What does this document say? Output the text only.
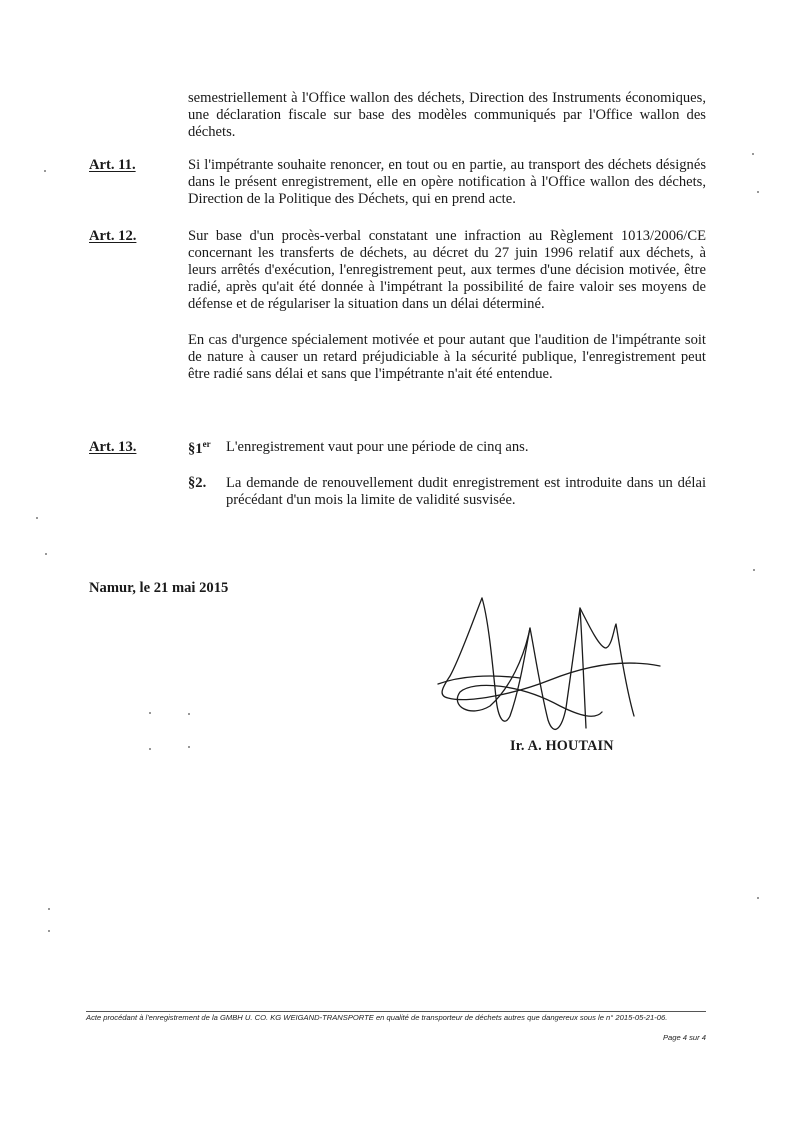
semestriellement à l'Office wallon des déchets, Direction des Instruments économiques, une déclaration fiscale sur base des modèles communiqués par l'Office wallon des déchets.

Art. 11.	Si l'impétrante souhaite renoncer, en tout ou en partie, au transport des déchets désignés dans le présent enregistrement, elle en opère notification à l'Office wallon des déchets, Direction de la Politique des Déchets, qui en prend acte.

Art. 12.	Sur base d'un procès-verbal constatant une infraction au Règlement 1013/2006/CE concernant les transferts de déchets, au décret du 27 juin 1996 relatif aux déchets, à leurs arrêtés d'exécution, l'enregistrement peut, aux termes d'une décision motivée, être radié, après qu'ait été donnée à l'impétrant la possibilité de faire valoir ses moyens de défense et de régulariser la situation dans un délai déterminé.

En cas d'urgence spécialement motivée et pour autant que l'audition de l'impétrante soit de nature à causer un retard préjudiciable à la sécurité publique, l'enregistrement peut être radié sans délai et sans que l'impétrante n'ait été entendue.

Art. 13.	§1er L'enregistrement vaut pour une période de cinq ans.

§2. La demande de renouvellement dudit enregistrement est introduite dans un délai précédant d'un mois la limite de validité susvisée.

Namur, le 21 mai 2015
Ir. A. HOUTAIN
Acte procédant à l'enregistrement de la GMBH U. CO. KG WEIGAND-TRANSPORTE en qualité de transporteur de déchets autres que dangereux sous le n° 2015-05-21-06.
Page 4 sur 4
